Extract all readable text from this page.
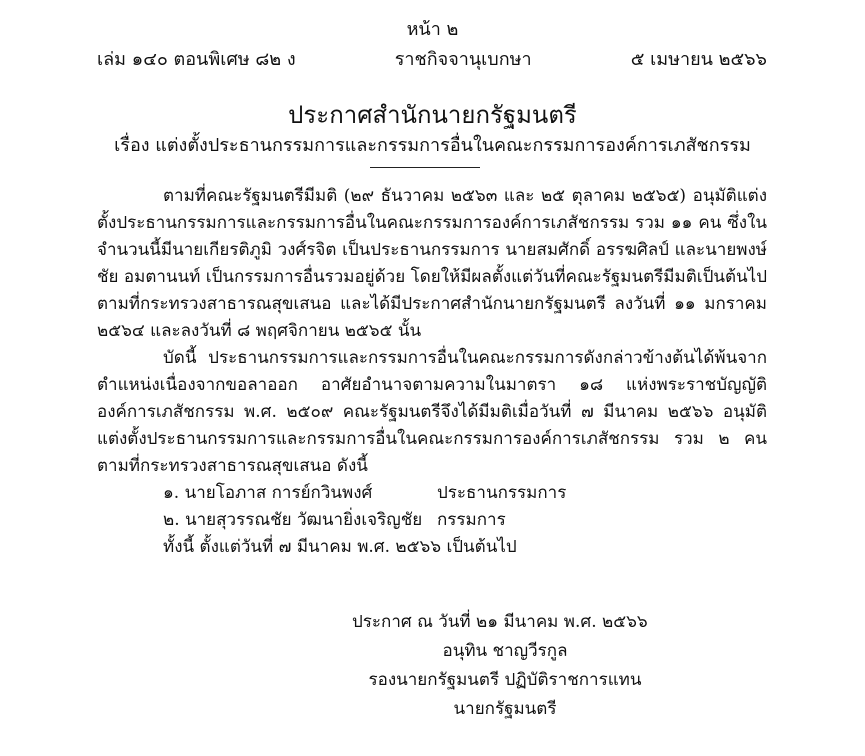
หน้า ๒
เล่ม ๑๔๐ ตอนพิเศษ ๘๒ ง	ราชกิจจานุเบกษา	๕ เมษายน ๒๕๖๖
ประกาศสำนักนายกรัฐมนตรี
เรื่อง แต่งตั้งประธานกรรมการและกรรมการอื่นในคณะกรรมการองค์การเภสัชกรรม

ตามที่คณะรัฐมนตรีมีมติ (๒๙ ธันวาคม ๒๕๖๓ และ ๒๕ ตุลาคม ๒๕๖๕) อนุมัติแต่งตั้งประธานกรรมการและกรรมการอื่นในคณะกรรมการองค์การเภสัชกรรม รวม ๑๑ คน ซึ่งในจำนวนนี้มีนายเกียรติภูมิ วงศ์รจิต เป็นประธานกรรมการ นายสมศักดิ์ อรรฆศิลป์ และนายพงษ์ชัย อมตานนท์ เป็นกรรมการอื่นรวมอยู่ด้วย โดยให้มีผลตั้งแต่วันที่คณะรัฐมนตรีมีมติเป็นต้นไป ตามที่กระทรวงสาธารณสุขเสนอ และได้มีประกาศสำนักนายกรัฐมนตรี ลงวันที่ ๑๑ มกราคม ๒๕๖๔ และลงวันที่ ๘ พฤศจิกายน ๒๕๖๕ นั้น

บัดนี้ ประธานกรรมการและกรรมการอื่นในคณะกรรมการดังกล่าวข้างต้นได้พ้นจากตำแหน่งเนื่องจากขอลาออก อาศัยอำนาจตามความในมาตรา ๑๘ แห่งพระราชบัญญัติองค์การเภสัชกรรม พ.ศ. ๒๕๐๙ คณะรัฐมนตรีจึงได้มีมติเมื่อวันที่ ๗ มีนาคม ๒๕๖๖ อนุมัติแต่งตั้งประธานกรรมการและกรรมการอื่นในคณะกรรมการองค์การเภสัชกรรม รวม ๒ คน ตามที่กระทรวงสาธารณสุขเสนอ ดังนี้

๑. นายโอภาส การย์กวินพงศ์	ประธานกรรมการ
๒. นายสุวรรณชัย วัฒนายิ่งเจริญชัย กรรมการ

ทั้งนี้ ตั้งแต่วันที่ ๗ มีนาคม พ.ศ. ๒๕๖๖ เป็นต้นไป

ประกาศ ณ วันที่ ๒๑ มีนาคม พ.ศ. ๒๕๖๖
อนุทิน ชาญวีรกูล
รองนายกรัฐมนตรี ปฏิบัติราชการแทน
นายกรัฐมนตรี
